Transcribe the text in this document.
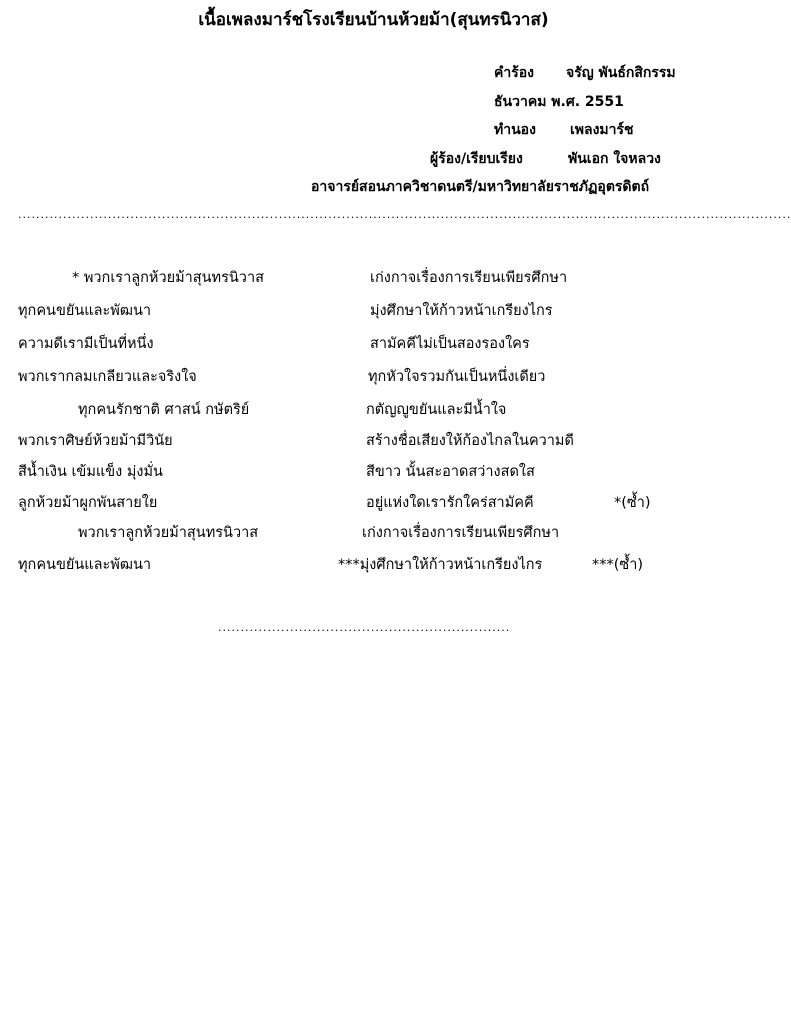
เนื้อเพลงมาร์ชโรงเรียนบ้านห้วยม้า(สุนทรนิวาส)
คำร้อง จรัญ พันธ์กสิกรรม
ธันวาคม พ.ศ. 2551
ทำนอง เพลงมาร์ช
ผู้ร้อง/เรียบเรียง	พันเอก ใจหลวง
อาจารย์สอนภาควิชาดนตรี/มหาวิทยาลัยราชภัฏอุตรดิตถ์
............................................................................................................................................................................
* พวกเราลูกห้วยม้าสุนทรนิวาส	เก่งกาจเรื่องการเรียนเพียรศึกษา
ทุกคนขยันและพัฒนา	มุ่งศึกษาให้ก้าวหน้าเกรียงไกร
ความดีเรามีเป็นที่หนึ่ง	สามัคคีไม่เป็นสองรองใคร
พวกเรากลมเกลียวและจริงใจ	ทุกหัวใจรวมกันเป็นหนึ่งเดียว
ทุกคนรักชาติ ศาสน์ กษัตริย์	กตัญญูขยันและมีน้ำใจ
พวกเราศิษย์ห้วยม้ามีวินัย	สร้างชื่อเสียงให้ก้องไกลในความดี
สีน้ำเงิน เข้มแข็ง มุ่งมั่น	สีขาว นั้นสะอาดสว่างสดใส
ลูกห้วยม้าผูกพันสายใย	อยู่แห่งใดเรารักใคร่สามัคคี	*(ซ้ำ)
พวกเราลูกห้วยม้าสุนทรนิวาส	เก่งกาจเรื่องการเรียนเพียรศึกษา
ทุกคนขยันและพัฒนา	***มุ่งศึกษาให้ก้าวหน้าเกรียงไกร	***(ซ้ำ)
.................................................................
